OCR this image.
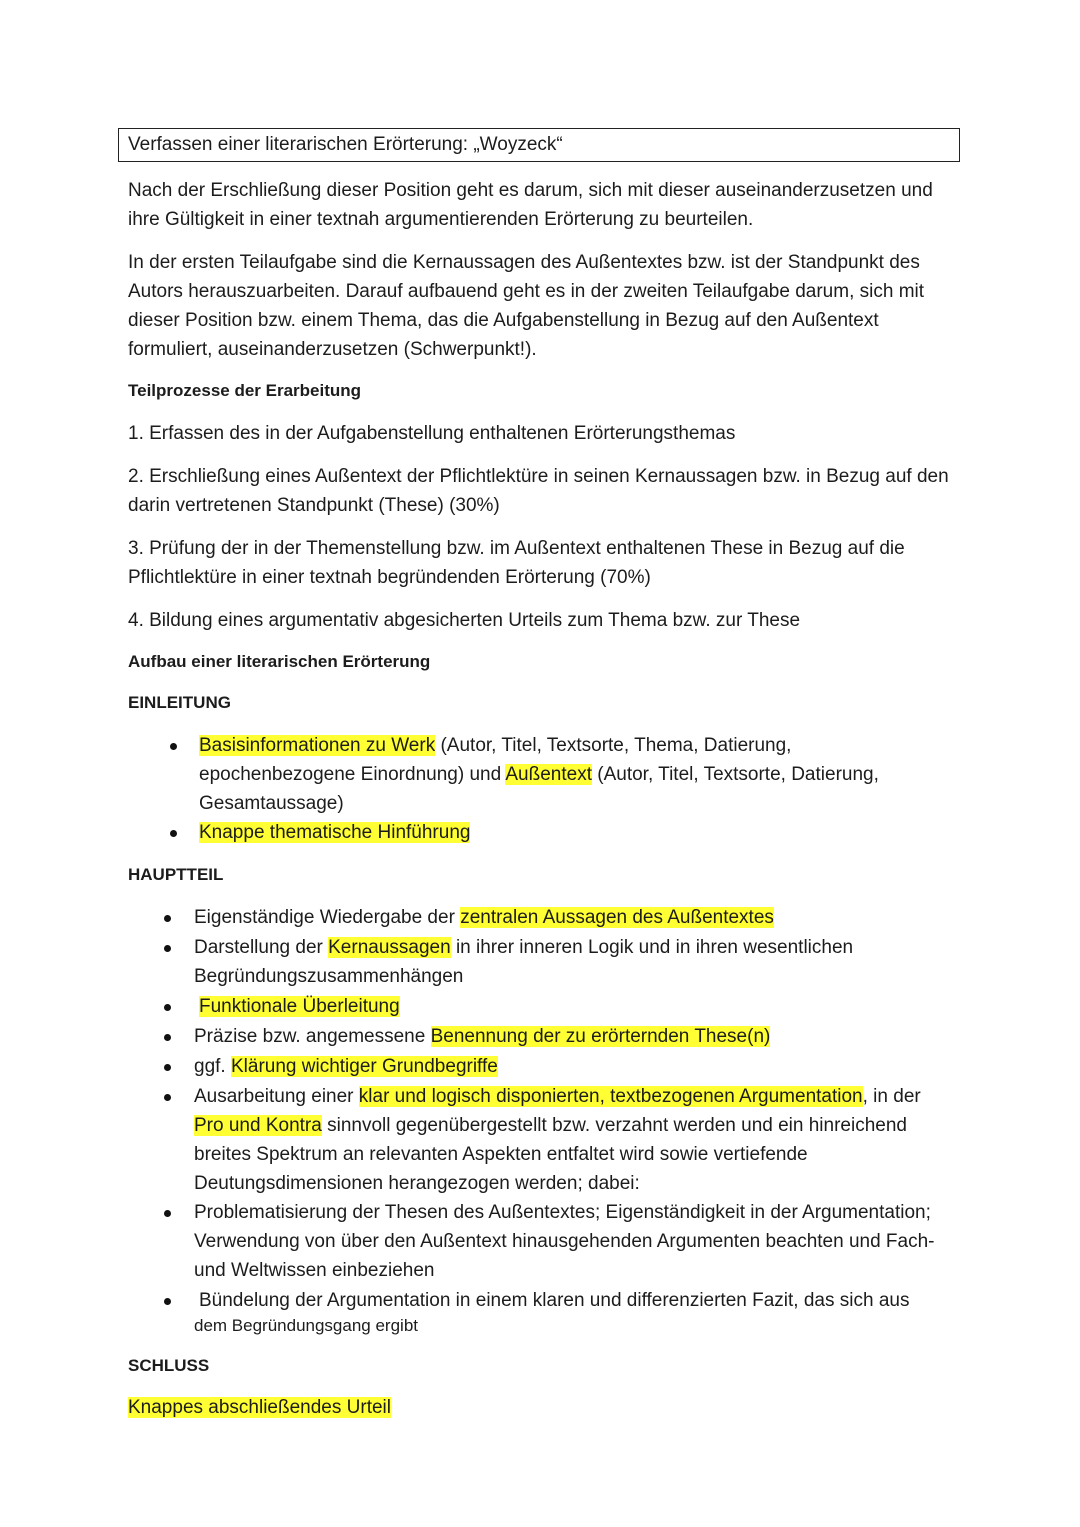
Verfassen einer literarischen Erörterung: „Woyzeck“

Nach der Erschließung dieser Position geht es darum, sich mit dieser auseinanderzusetzen und ihre Gültigkeit in einer textnah argumentierenden Erörterung zu beurteilen.

In der ersten Teilaufgabe sind die Kernaussagen des Außentextes bzw. ist der Standpunkt des Autors herauszuarbeiten. Darauf aufbauend geht es in der zweiten Teilaufgabe darum, sich mit dieser Position bzw. einem Thema, das die Aufgabenstellung in Bezug auf den Außentext formuliert, auseinanderzusetzen (Schwerpunkt!).

Teilprozesse der Erarbeitung
1. Erfassen des in der Aufgabenstellung enthaltenen Erörterungsthemas

2. Erschließung eines Außentext der Pflichtlektüre in seinen Kernaussagen bzw. in Bezug auf den darin vertretenen Standpunkt (These) (30%)

3. Prüfung der in der Themenstellung bzw. im Außentext enthaltenen These in Bezug auf die Pflichtlektüre in einer textnah begründenden Erörterung (70%)

4. Bildung eines argumentativ abgesicherten Urteils zum Thema bzw. zur These
Aufbau einer literarischen Erörterung
EINLEITUNG
Basisinformationen zu Werk (Autor, Titel, Textsorte, Thema, Datierung, epochenbezogene Einordnung) und Außentext (Autor, Titel, Textsorte, Datierung, Gesamtaussage)
Knappe thematische Hinführung
HAUPTTEIL
Eigenständige Wiedergabe der zentralen Aussagen des Außentextes
Darstellung der Kernaussagen in ihrer inneren Logik und in ihren wesentlichen Begründungszusammenhängen
Funktionale Überleitung
Präzise bzw. angemessene Benennung der zu erörternden These(n)
ggf. Klärung wichtiger Grundbegriffe
Ausarbeitung einer klar und logisch disponierten, textbezogenen Argumentation, in der Pro und Kontra sinnvoll gegenübergestellt bzw. verzahnt werden und ein hinreichend breites Spektrum an relevanten Aspekten entfaltet wird sowie vertiefende Deutungsdimensionen herangezogen werden; dabei:
Problematisierung der Thesen des Außentextes; Eigenständigkeit in der Argumentation; Verwendung von über den Außentext hinausgehenden Argumenten beachten und Fach- und Weltwissen einbeziehen
Bündelung der Argumentation in einem klaren und differenzierten Fazit, das sich aus
dem Begründungsgang ergibt
SCHLUSS
Knappes abschließendes Urteil
